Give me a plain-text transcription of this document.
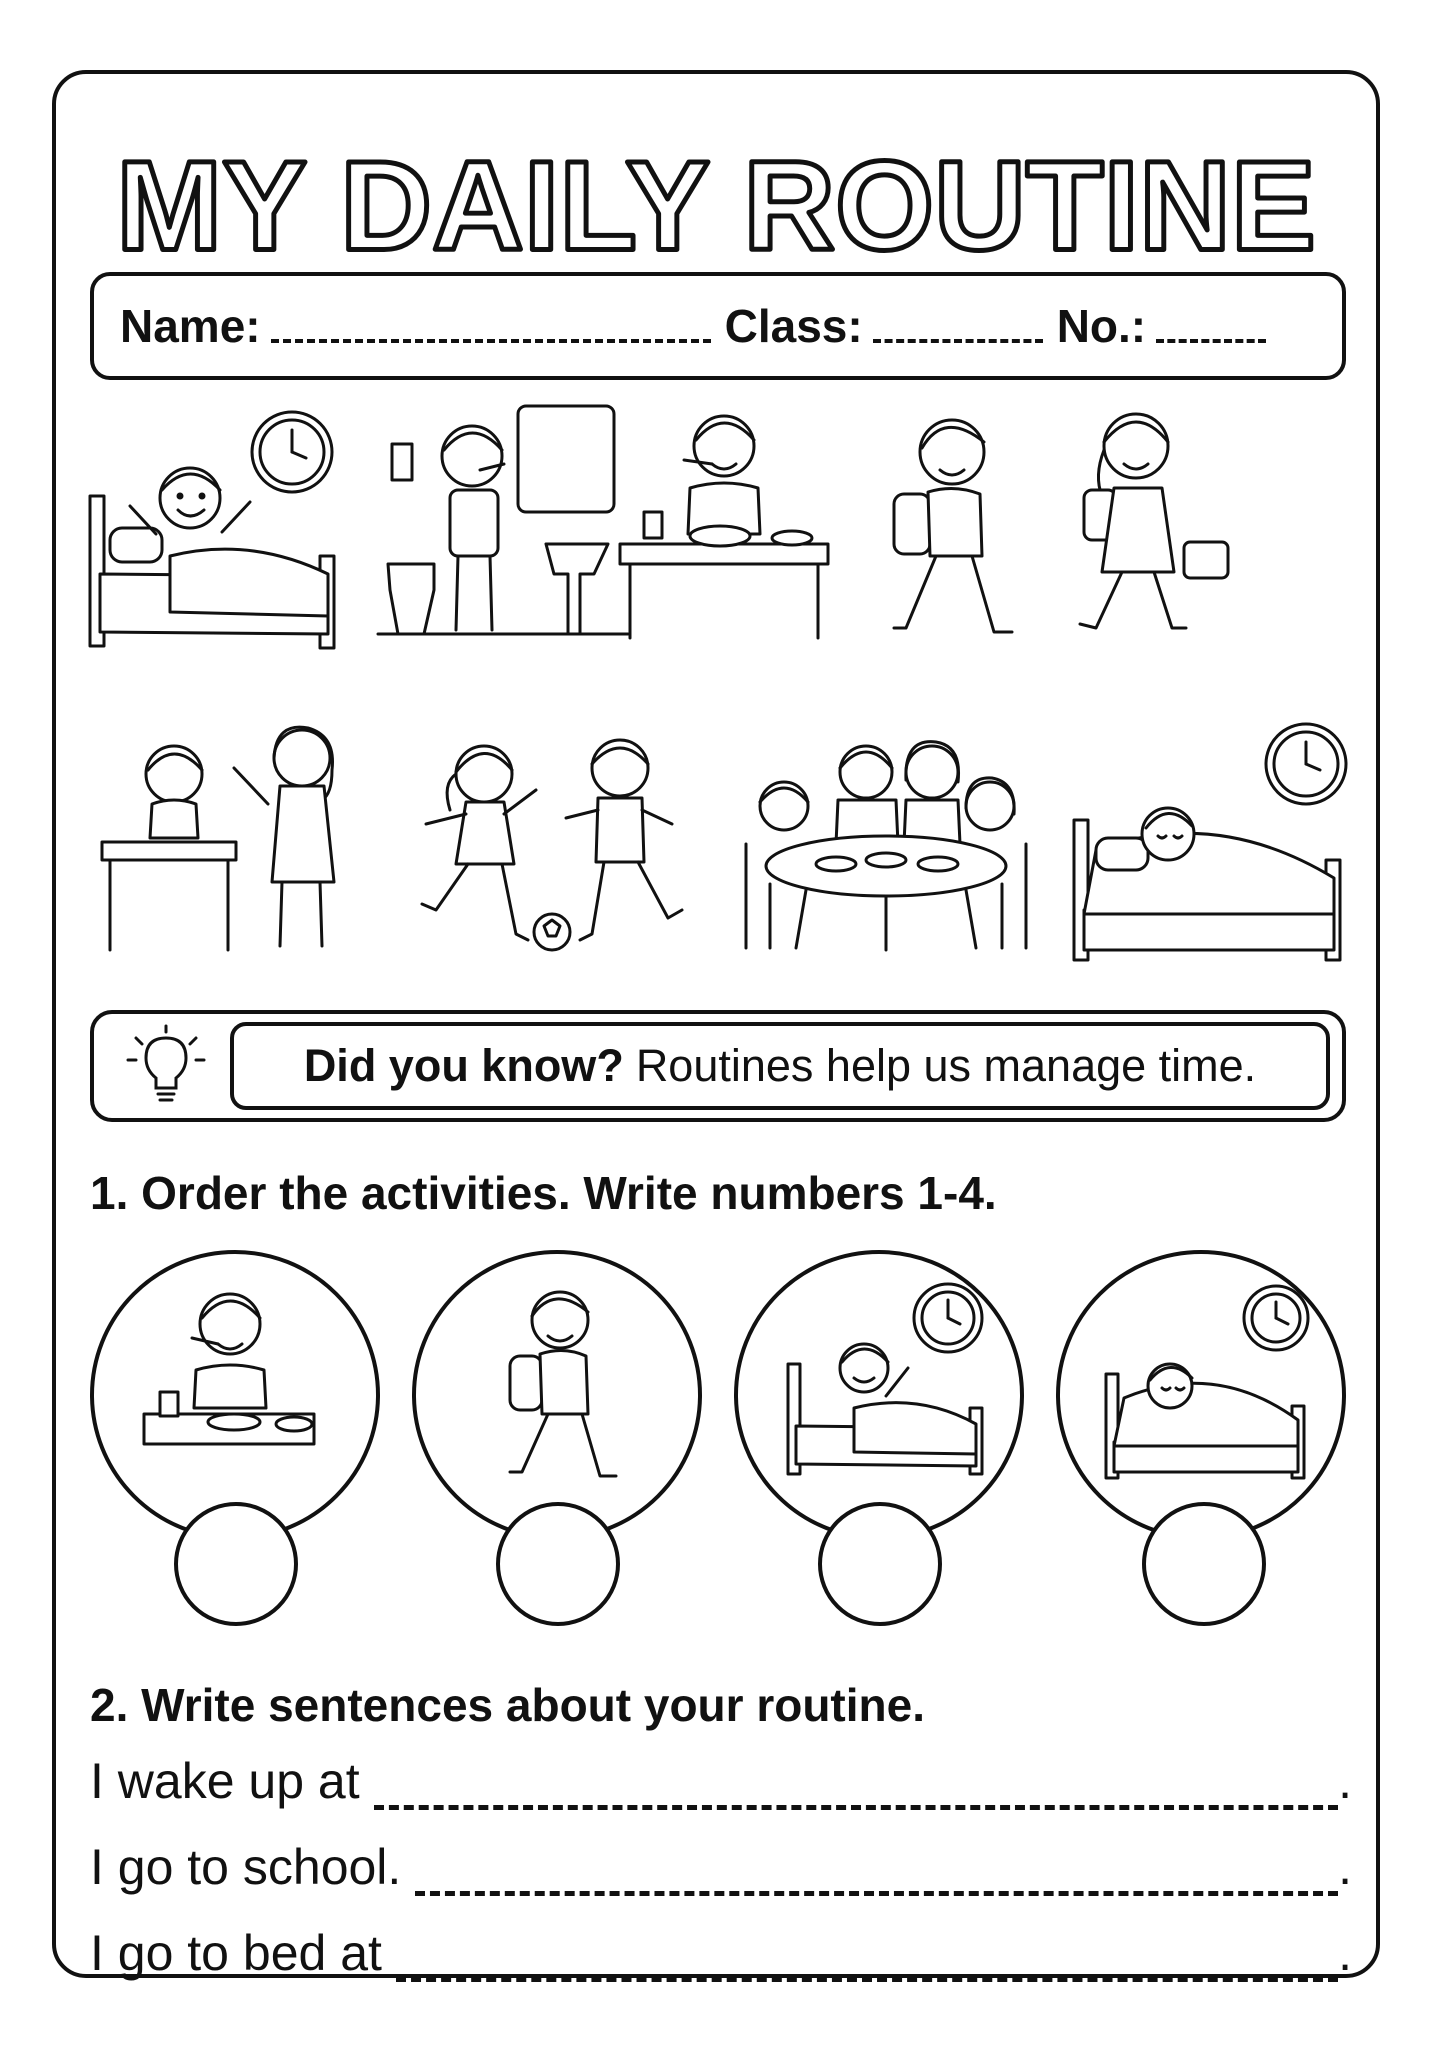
MY DAILY ROUTINE
Name:	Class:	No.:
Did you know? Routines help us manage time.
1. Order the activities. Write numbers 1-4.
2. Write sentences about your routine.
I wake up at	.
I go to school.	.
I go to bed at	.
